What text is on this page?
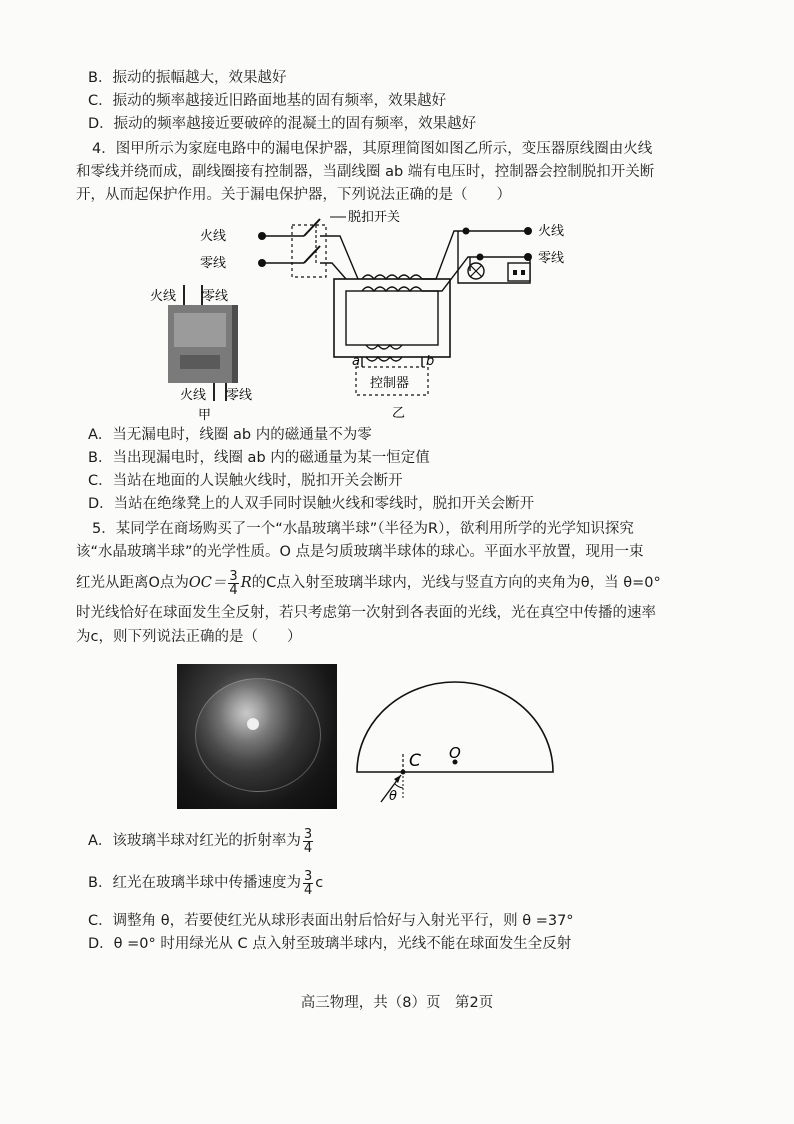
B．振动的振幅越大，效果越好
C．振动的频率越接近旧路面地基的固有频率，效果越好
D．振动的频率越接近要破碎的混凝土的固有频率，效果越好
4．图甲所示为家庭电路中的漏电保护器，其原理简图如图乙所示，变压器原线圈由火线
和零线并绕而成，副线圈接有控制器，当副线圈 ab 端有电压时，控制器会控制脱扣开关断
开，从而起保护作用。关于漏电保护器，下列说法正确的是（　　）
火线 零线
火线 零线
甲
火线
零线
脱扣开关
a	b
控制器
乙
火线
零线
A．当无漏电时，线圈 ab 内的磁通量不为零
B．当出现漏电时，线圈 ab 内的磁通量为某一恒定值
C．当站在地面的人误触火线时，脱扣开关会断开
D．当站在绝缘凳上的人双手同时误触火线和零线时，脱扣开关会断开
5．某同学在商场购买了一个“水晶玻璃半球”（半径为R），欲利用所学的光学知识探究
该“水晶玻璃半球”的光学性质。O 点是匀质玻璃半球体的球心。平面水平放置，现用一束
红光从距离O点为$OC= \frac{3}{4}$ R的C点入射至玻璃半球内，光线与竖直方向的夹角为θ，当 θ=0°
时光线恰好在球面发生全反射，若只考虑第一次射到各表面的光线，光在真空中传播的速率
为c，则下列说法正确的是（　　）
C O
θ
A．该玻璃半球对红光的折射率为 $\frac{3}{4}$
B．红光在玻璃半球中传播速度为 $\frac{3}{4}$ c
C．调整角 θ，若要使红光从球形表面出射后恰好与入射光平行，则 θ =37°
D．θ =0° 时用绿光从 C 点入射至玻璃半球内，光线不能在球面发生全反射
高三物理，共（8）页　第2页
